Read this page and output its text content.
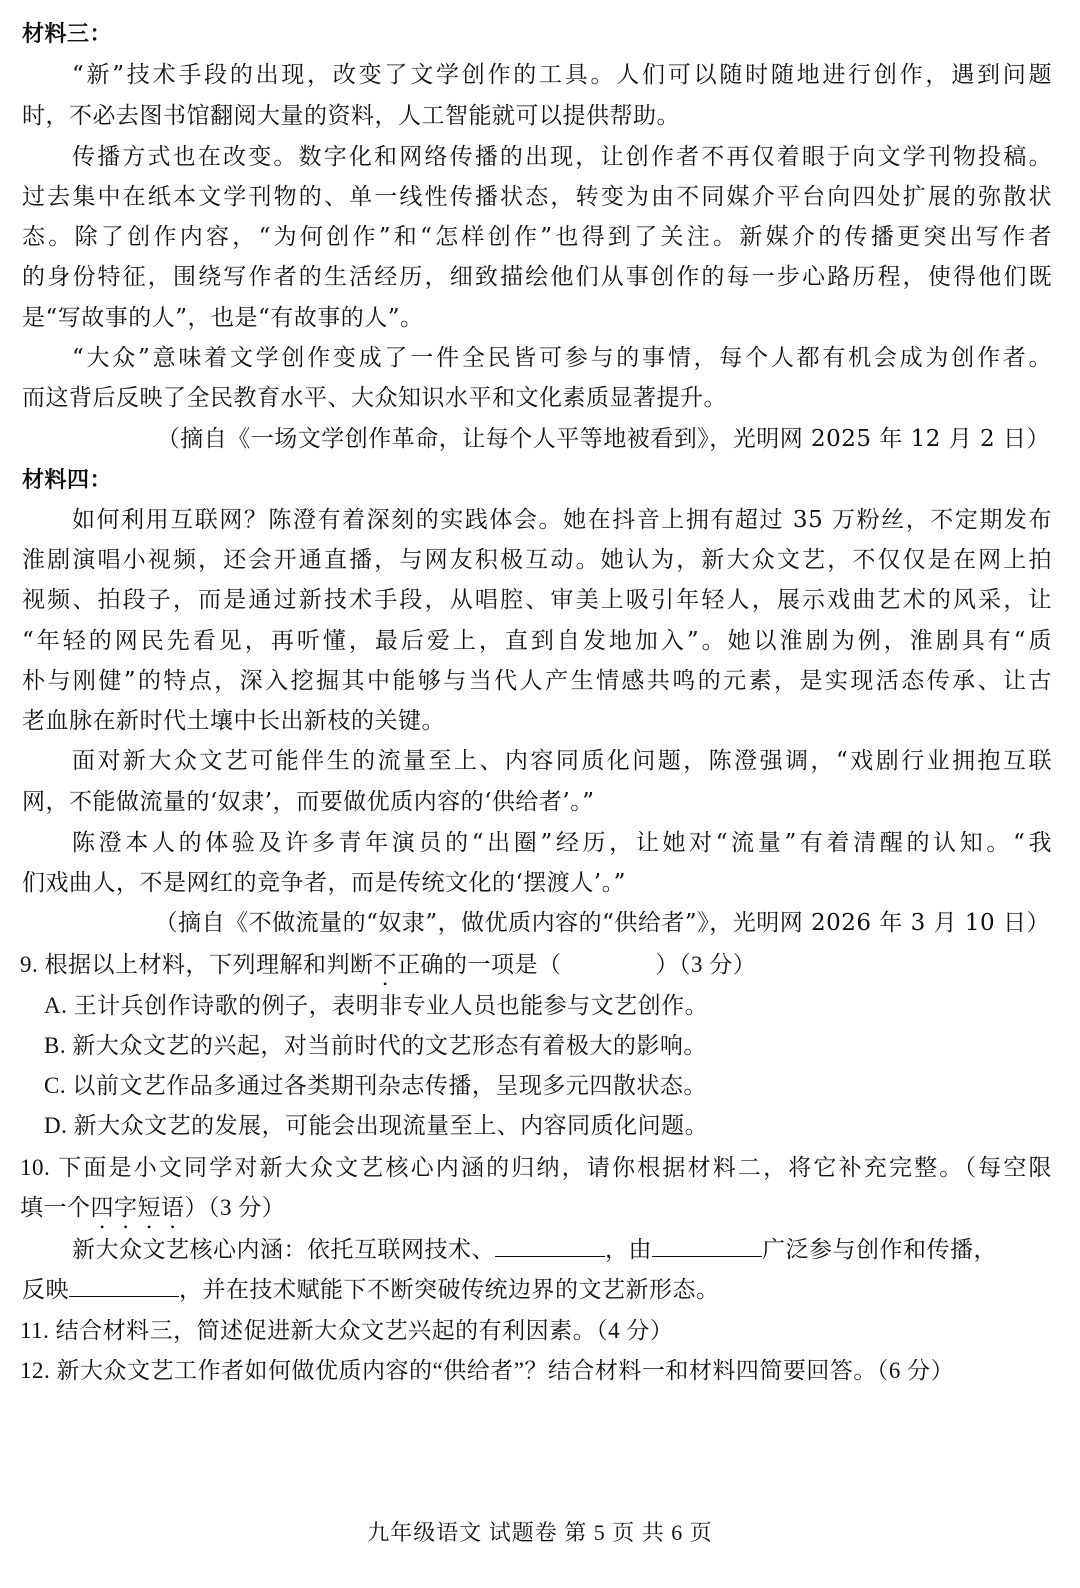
材料三：
“新”技术手段的出现，改变了文学创作的工具。人们可以随时随地进行创作，遇到问题
时，不必去图书馆翻阅大量的资料，人工智能就可以提供帮助。
传播方式也在改变。数字化和网络传播的出现，让创作者不再仅着眼于向文学刊物投稿。
过去集中在纸本文学刊物的、单一线性传播状态，转变为由不同媒介平台向四处扩展的弥散状
态。除了创作内容，“为何创作”和“怎样创作”也得到了关注。新媒介的传播更突出写作者
的身份特征，围绕写作者的生活经历，细致描绘他们从事创作的每一步心路历程，使得他们既
是“写故事的人”，也是“有故事的人”。
“大众”意味着文学创作变成了一件全民皆可参与的事情，每个人都有机会成为创作者。
而这背后反映了全民教育水平、大众知识水平和文化素质显著提升。
（摘自《一场文学创作革命，让每个人平等地被看到》，光明网 2025 年 12 月 2 日）
材料四：
如何利用互联网？陈澄有着深刻的实践体会。她在抖音上拥有超过 35 万粉丝，不定期发布
淮剧演唱小视频，还会开通直播，与网友积极互动。她认为，新大众文艺，不仅仅是在网上拍
视频、拍段子，而是通过新技术手段，从唱腔、审美上吸引年轻人，展示戏曲艺术的风采，让
“年轻的网民先看见，再听懂，最后爱上，直到自发地加入”。她以淮剧为例，淮剧具有“质
朴与刚健”的特点，深入挖掘其中能够与当代人产生情感共鸣的元素，是实现活态传承、让古
老血脉在新时代土壤中长出新枝的关键。
面对新大众文艺可能伴生的流量至上、内容同质化问题，陈澄强调，“戏剧行业拥抱互联
网，不能做流量的‘奴隶’，而要做优质内容的‘供给者’。”
陈澄本人的体验及许多青年演员的“出圈”经历，让她对“流量”有着清醒的认知。“我
们戏曲人，不是网红的竞争者，而是传统文化的‘摆渡人’。”
（摘自《不做流量的“奴隶”，做优质内容的“供给者”》，光明网 2026 年 3 月 10 日）
9. 根据以上材料，下列理解和判断不正确的一项是（　　　　）（3 分）
A. 王计兵创作诗歌的例子，表明非专业人员也能参与文艺创作。
B. 新大众文艺的兴起，对当前时代的文艺形态有着极大的影响。
C. 以前文艺作品多通过各类期刊杂志传播，呈现多元四散状态。
D. 新大众文艺的发展，可能会出现流量至上、内容同质化问题。
10. 下面是小文同学对新大众文艺核心内涵的归纳，请你根据材料二，将它补充完整。（每空限
填一个四字短语）（3 分）
新大众文艺核心内涵：依托互联网技术、	，由	广泛参与创作和传播，
反映	，并在技术赋能下不断突破传统边界的文艺新形态。
11. 结合材料三，简述促进新大众文艺兴起的有利因素。（4 分）
12. 新大众文艺工作者如何做优质内容的“供给者”？结合材料一和材料四简要回答。（6 分）
九年级语文 试题卷 第 5 页 共 6 页
